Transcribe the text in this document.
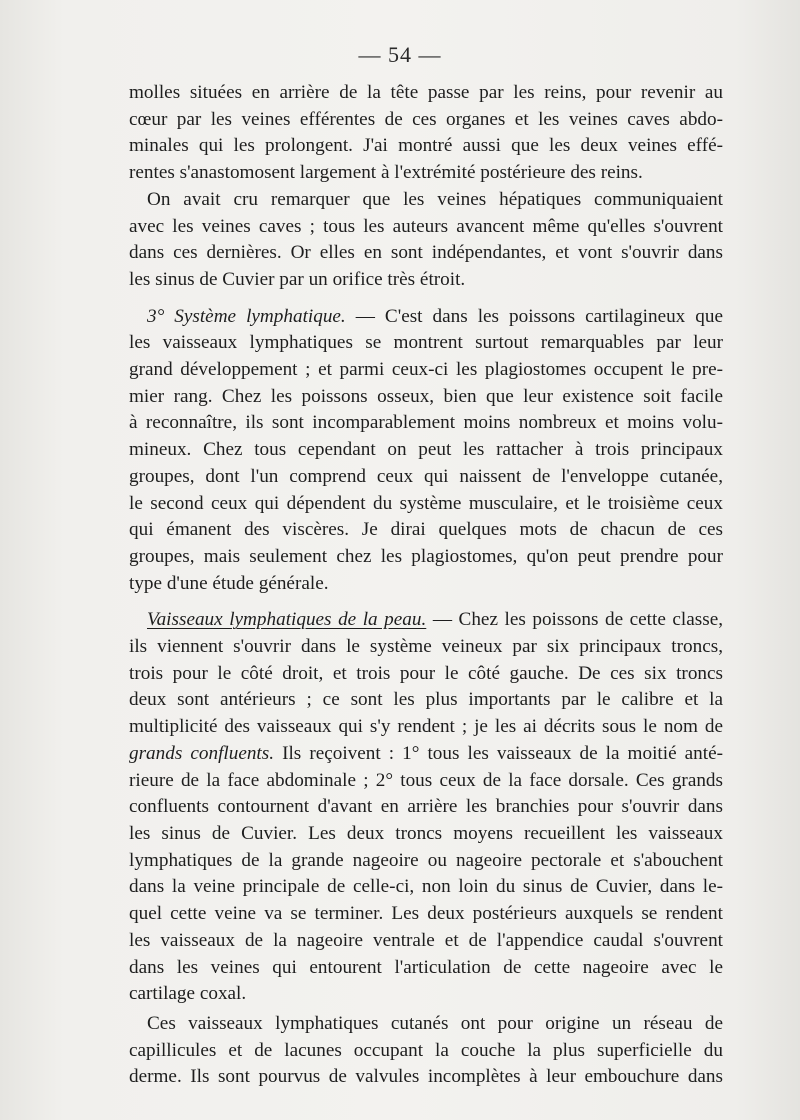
— 54 —

molles situées en arrière de la tête passe par les reins, pour revenir au

cœur par les veines efférentes de ces organes et les veines caves abdo-

minales qui les prolongent. J'ai montré aussi que les deux veines effé-

rentes s'anastomosent largement à l'extrémité postérieure des reins.

On avait cru remarquer que les veines hépatiques communiquaient

avec les veines caves ; tous les auteurs avancent même qu'elles s'ouvrent

dans ces dernières. Or elles en sont indépendantes, et vont s'ouvrir dans

les sinus de Cuvier par un orifice très étroit.

3° Système lymphatique. — C'est dans les poissons cartilagineux que

les vaisseaux lymphatiques se montrent surtout remarquables par leur

grand développement ; et parmi ceux-ci les plagiostomes occupent le pre-

mier rang. Chez les poissons osseux, bien que leur existence soit facile

à reconnaître, ils sont incomparablement moins nombreux et moins volu-

mineux. Chez tous cependant on peut les rattacher à trois principaux

groupes, dont l'un comprend ceux qui naissent de l'enveloppe cutanée,

le second ceux qui dépendent du système musculaire, et le troisième ceux

qui émanent des viscères. Je dirai quelques mots de chacun de ces

groupes, mais seulement chez les plagiostomes, qu'on peut prendre pour

type d'une étude générale.

Vaisseaux lymphatiques de la peau. — Chez les poissons de cette classe,

ils viennent s'ouvrir dans le système veineux par six principaux troncs,

trois pour le côté droit, et trois pour le côté gauche. De ces six troncs

deux sont antérieurs ; ce sont les plus importants par le calibre et la

multiplicité des vaisseaux qui s'y rendent ; je les ai décrits sous le nom de

grands confluents. Ils reçoivent : 1° tous les vaisseaux de la moitié anté-

rieure de la face abdominale ; 2° tous ceux de la face dorsale. Ces grands

confluents contournent d'avant en arrière les branchies pour s'ouvrir dans

les sinus de Cuvier. Les deux troncs moyens recueillent les vaisseaux

lymphatiques de la grande nageoire ou nageoire pectorale et s'abouchent

dans la veine principale de celle-ci, non loin du sinus de Cuvier, dans le-

quel cette veine va se terminer. Les deux postérieurs auxquels se rendent

les vaisseaux de la nageoire ventrale et de l'appendice caudal s'ouvrent

dans les veines qui entourent l'articulation de cette nageoire avec le

cartilage coxal.

Ces vaisseaux lymphatiques cutanés ont pour origine un réseau de

capillicules et de lacunes occupant la couche la plus superficielle du

derme. Ils sont pourvus de valvules incomplètes à leur embouchure dans
